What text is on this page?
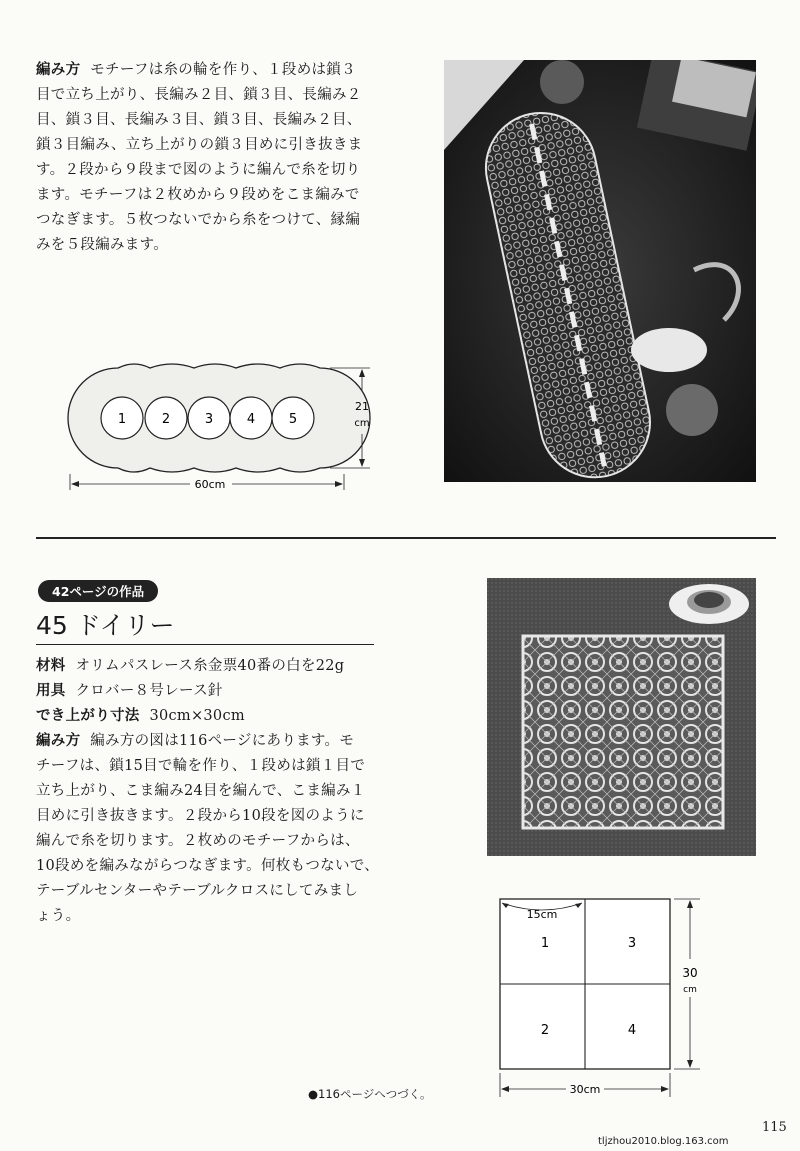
編み方 モチーフは糸の輪を作り、１段めは鎖３
目で立ち上がり、長編み２目、鎖３目、長編み２
目、鎖３目、長編み３目、鎖３目、長編み２目、
鎖３目編み、立ち上がりの鎖３目めに引き抜きま
す。２段から９段まで図のように編んで糸を切り
ます。モチーフは２枚めから９段めをこま編みで
つなぎます。５枚つないでから糸をつけて、縁編
みを５段編みます。
1	2	3	4	5
21
cm
60cm
42ページの作品
45 ドイリー
材料 オリムパスレース糸金票40番の白を22g
用具 クロバー８号レース針
でき上がり寸法 30cm×30cm
編み方 編み方の図は116ページにあります。モ
チーフは、鎖15目で輪を作り、１段めは鎖１目で
立ち上がり、こま編み24目を編んで、こま編み１
目めに引き抜きます。２段から10段を図のように
編んで糸を切ります。２枚めのモチーフからは、
10段めを編みながらつなぎます。何枚もつないで、
テーブルセンターやテーブルクロスにしてみまし
ょう。	15cm
1	3
2	4
30
cm
30cm
●116ページへつづく。
115
tljzhou2010.blog.163.com
